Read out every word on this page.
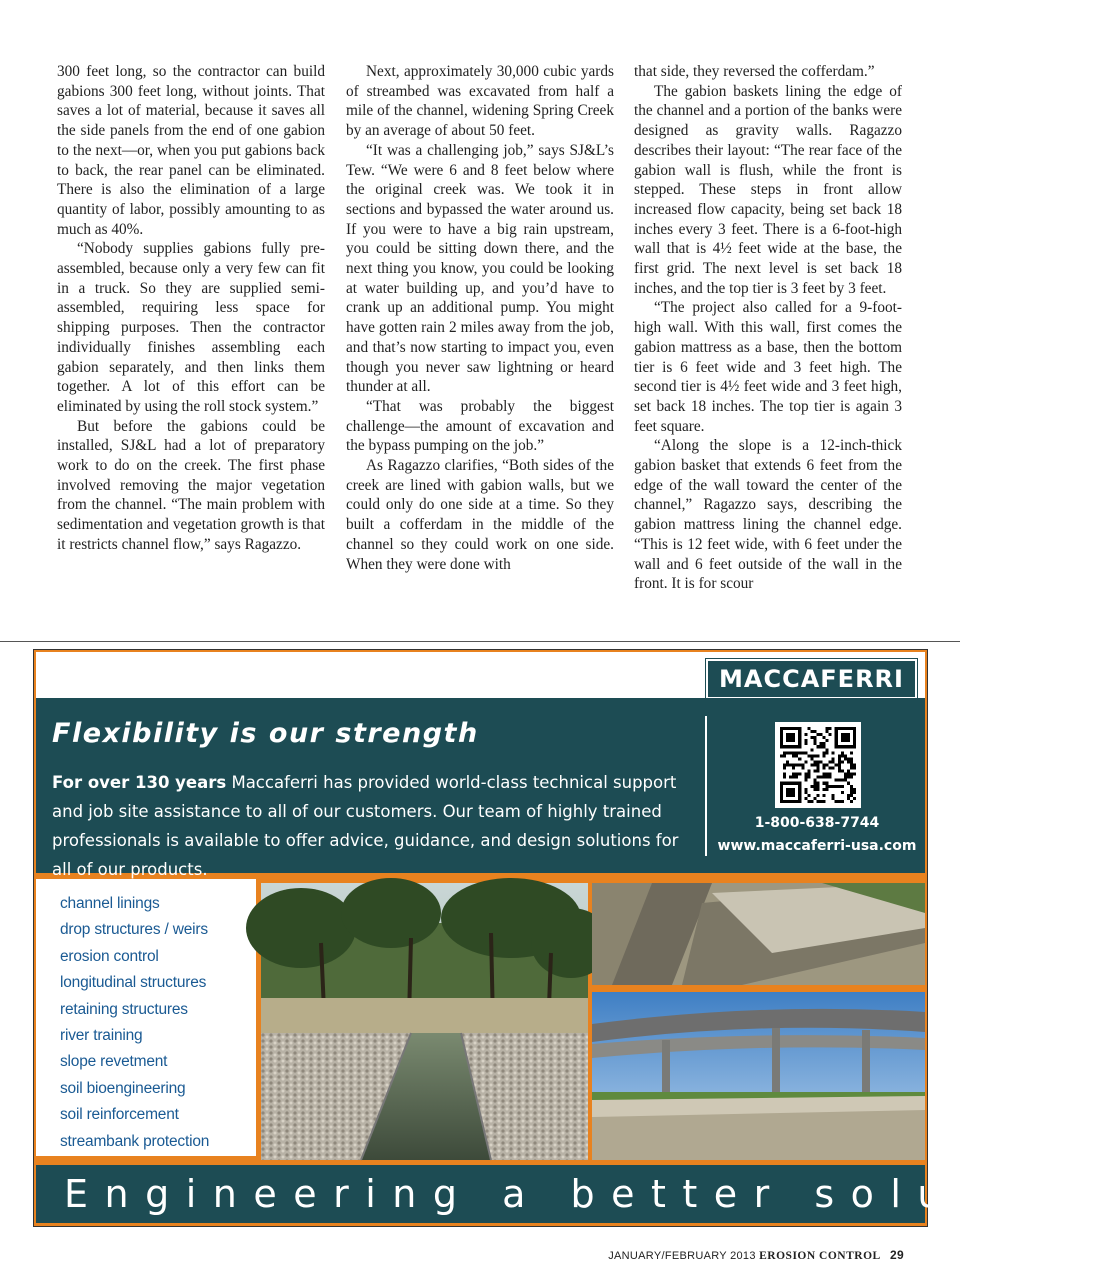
300 feet long, so the contractor can build gabions 300 feet long, without joints. That saves a lot of material, because it saves all the side panels from the end of one gabion to the next—or, when you put gabions back to back, the rear panel can be eliminated. There is also the elimination of a large quantity of labor, possibly amounting to as much as 40%.

“Nobody supplies gabions fully pre-assembled, because only a very few can fit in a truck. So they are supplied semi-assembled, requiring less space for shipping purposes. Then the contractor individually finishes assembling each gabion separately, and then links them together. A lot of this effort can be eliminated by using the roll stock system.”

But before the gabions could be installed, SJ&L had a lot of preparatory work to do on the creek. The first phase involved removing the major vegetation from the channel. “The main problem with sedimentation and vegetation growth is that it restricts channel flow,” says Ragazzo.

Next, approximately 30,000 cubic yards of streambed was excavated from half a mile of the channel, widening Spring Creek by an average of about 50 feet.

“It was a challenging job,” says SJ&L’s Tew. “We were 6 and 8 feet below where the original creek was. We took it in sections and bypassed the water around us. If you were to have a big rain upstream, you could be sitting down there, and the next thing you know, you could be looking at water building up, and you’d have to crank up an additional pump. You might have gotten rain 2 miles away from the job, and that’s now starting to impact you, even though you never saw lightning or heard thunder at all.

“That was probably the biggest challenge—the amount of excavation and the bypass pumping on the job.”

As Ragazzo clarifies, “Both sides of the creek are lined with gabion walls, but we could only do one side at a time. So they built a cofferdam in the middle of the channel so they could work on one side. When they were done with

that side, they reversed the cofferdam.”

The gabion baskets lining the edge of the channel and a portion of the banks were designed as gravity walls. Ragazzo describes their layout: “The rear face of the gabion wall is flush, while the front is stepped. These steps in front allow increased flow capacity, being set back 18 inches every 3 feet. There is a 6-foot-high wall that is 4½ feet wide at the base, the first grid. The next level is set back 18 inches, and the top tier is 3 feet by 3 feet.

“The project also called for a 9-foot-high wall. With this wall, first comes the gabion mattress as a base, then the bottom tier is 6 feet wide and 3 feet high. The second tier is 4½ feet wide and 3 feet high, set back 18 inches. The top tier is again 3 feet square.

“Along the slope is a 12-inch-thick gabion basket that extends 6 feet from the edge of the wall toward the center of the channel,” Ragazzo says, describing the gabion mattress lining the channel edge. “This is 12 feet wide, with 6 feet under the wall and 6 feet outside of the wall in the front. It is for scour

MACCAFERRI
Flexibility is our strength
For over 130 years Maccaferri has provided world-class technical support and job site assistance to all of our customers. Our team of highly trained professionals is available to offer advice, guidance, and design solutions for all of our products.
1-800-638-7744
www.maccaferri-usa.com
channel linings
drop structures / weirs
erosion control
longitudinal structures
retaining structures
river training
slope revetment
soil bioengineering
soil reinforcement
streambank protection
Engineering a better solution
JANUARY/FEBRUARY 2013 EROSION CONTROL 29
